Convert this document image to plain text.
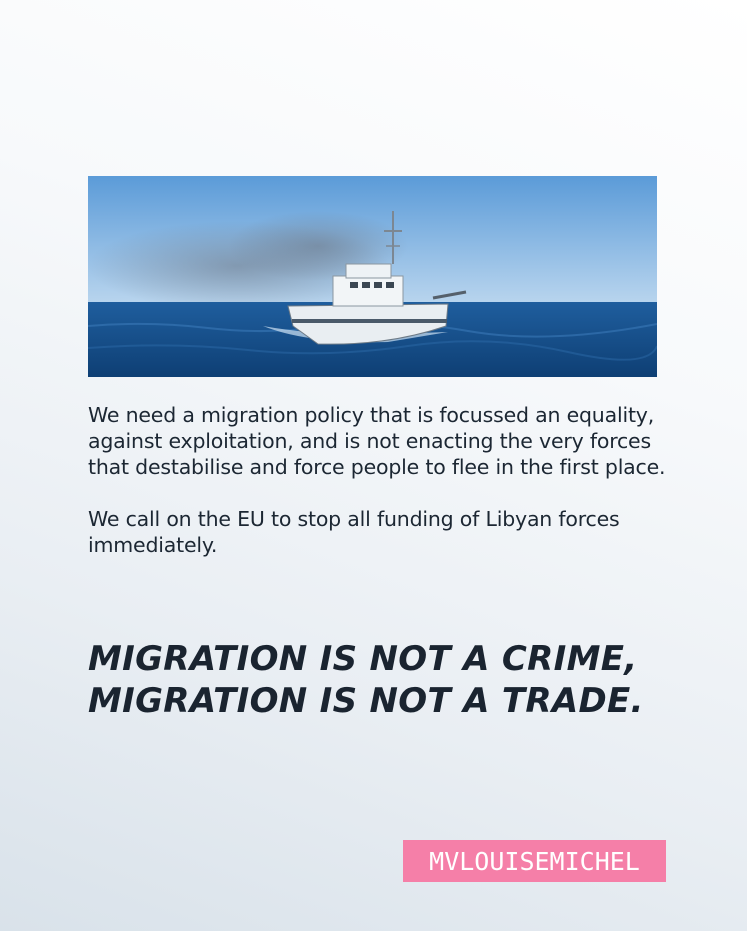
We need a migration policy that is focussed an equality, against exploitation, and is not enacting the very forces that destabilise and force people to flee in the first place.

We call on the EU to stop all funding of Libyan forces immediately.

MIGRATION IS NOT A CRIME,
MIGRATION IS NOT A TRADE.
MVLOUISEMICHEL
